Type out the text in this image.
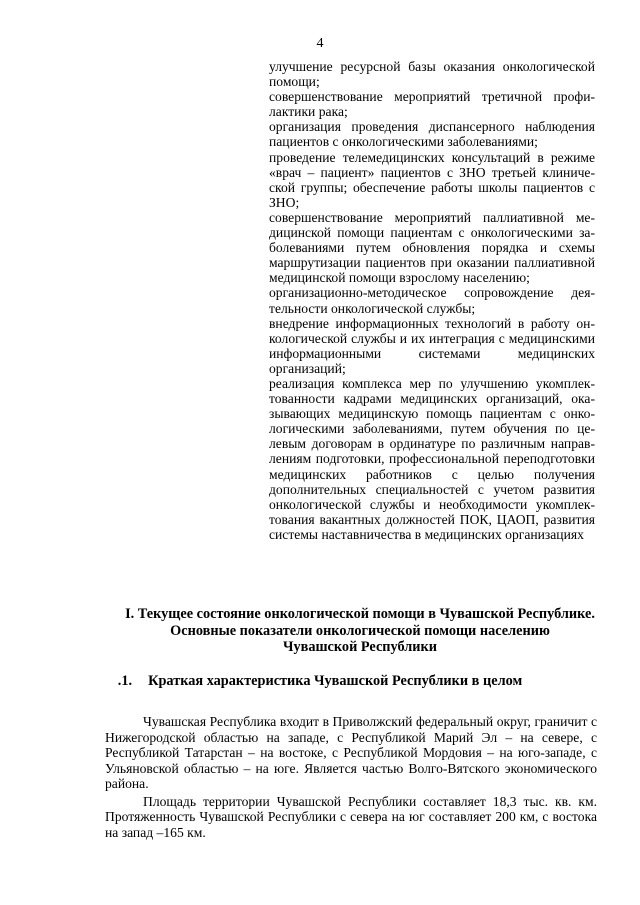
4
улучшение ресурсной базы оказания онкологической помощи;
совершенствование мероприятий третичной профилактики рака;
организация проведения диспансерного наблюдения пациентов с онкологическими заболеваниями;
проведение телемедицинских консультаций в режиме «врач – пациент» пациентов с ЗНО третьей клинической группы; обеспечение работы школы пациентов с ЗНО;
совершенствование мероприятий паллиативной медицинской помощи пациентам с онкологическими заболеваниями путем обновления порядка и схемы маршрутизации пациентов при оказании паллиативной медицинской помощи взрослому населению;
организационно-методическое сопровождение деятельности онкологической службы;
внедрение информационных технологий в работу онкологической службы и их интеграция с медицинскими информационными системами медицинских организаций;
реализация комплекса мер по улучшению укомплектованности кадрами медицинских организаций, оказывающих медицинскую помощь пациентам с онкологическими заболеваниями, путем обучения по целевым договорам в ординатуре по различным направлениям подготовки, профессиональной переподготовки медицинских работников с целью получения дополнительных специальностей с учетом развития онкологической службы и необходимости укомплектования вакантных должностей ПОК, ЦАОП, развития системы наставничества в медицинских организациях
I. Текущее состояние онкологической помощи в Чувашской Республике.
Основные показатели онкологической помощи населению
Чувашской Республики
.1. Краткая характеристика Чувашской Республики в целом

Чувашская Республика входит в Приволжский федеральный округ, граничит с Нижегородской областью на западе, с Республикой Марий Эл – на севере, с Республикой Татарстан – на востоке, с Республикой Мордовия – на юго-западе, с Ульяновской областью – на юге. Является частью Волго-Вятского экономического района.

Площадь территории Чувашской Республики составляет 18,3 тыс. кв. км. Протяженность Чувашской Республики с севера на юг составляет 200 км, с востока на запад –165 км.
